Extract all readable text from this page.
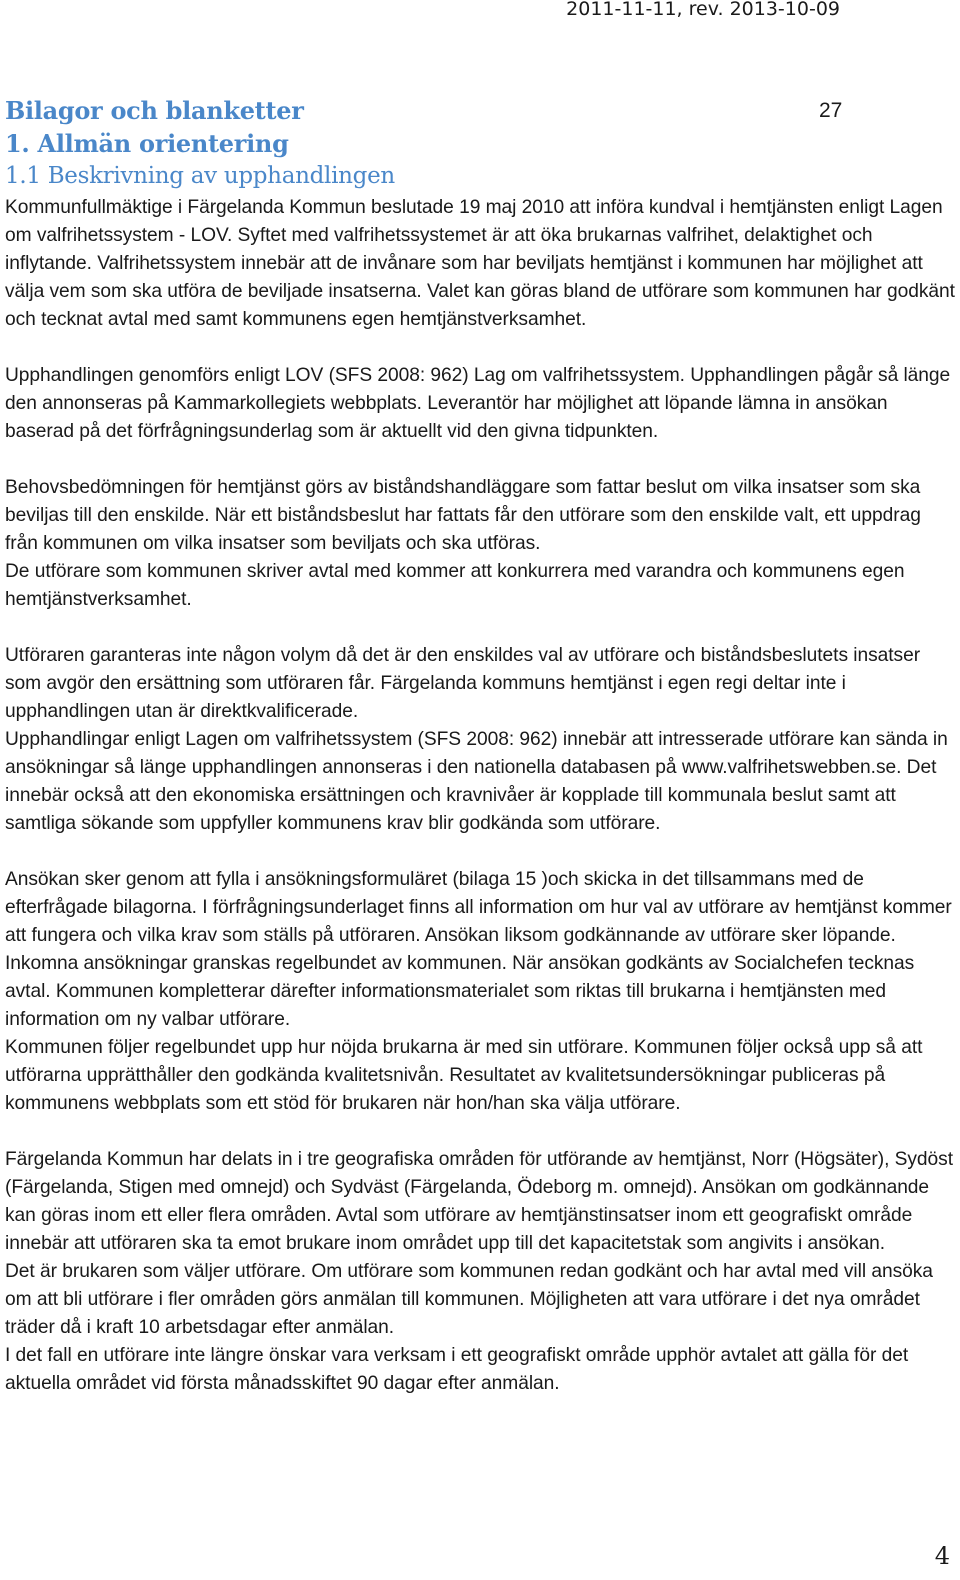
2011-11-11, rev. 2013-10-09
Bilagor och blanketter	27
1. Allmän orientering
1.1 Beskrivning av upphandlingen

Kommunfullmäktige i Färgelanda Kommun beslutade 19 maj 2010 att införa kundval i hemtjänsten enligt Lagen om valfrihetssystem - LOV. Syftet med valfrihetssystemet är att öka brukarnas valfrihet, delaktighet och inflytande. Valfrihetssystem innebär att de invånare som har beviljats hemtjänst i kommunen har möjlighet att välja vem som ska utföra de beviljade insatserna. Valet kan göras bland de utförare som kommunen har godkänt och tecknat avtal med samt kommunens egen hemtjänstverksamhet.

Upphandlingen genomförs enligt LOV (SFS 2008: 962) Lag om valfrihetssystem. Upphandlingen pågår så länge den annonseras på Kammarkollegiets webbplats. Leverantör har möjlighet att löpande lämna in ansökan baserad på det förfrågningsunderlag som är aktuellt vid den givna tidpunkten.

Behovsbedömningen för hemtjänst görs av biståndshandläggare som fattar beslut om vilka insatser som ska beviljas till den enskilde. När ett biståndsbeslut har fattats får den utförare som den enskilde valt, ett uppdrag från kommunen om vilka insatser som beviljats och ska utföras.

De utförare som kommunen skriver avtal med kommer att konkurrera med varandra och kommunens egen hemtjänstverksamhet.

Utföraren garanteras inte någon volym då det är den enskildes val av utförare och biståndsbeslutets insatser som avgör den ersättning som utföraren får. Färgelanda kommuns hemtjänst i egen regi deltar inte i upphandlingen utan är direktkvalificerade.

Upphandlingar enligt Lagen om valfrihetssystem (SFS 2008: 962) innebär att intresserade utförare kan sända in ansökningar så länge upphandlingen annonseras i den nationella databasen på www.valfrihetswebben.se. Det innebär också att den ekonomiska ersättningen och kravnivåer är kopplade till kommunala beslut samt att samtliga sökande som uppfyller kommunens krav blir godkända som utförare.

Ansökan sker genom att fylla i ansökningsformuläret (bilaga 15 )och skicka in det tillsammans med de efterfrågade bilagorna. I förfrågningsunderlaget finns all information om hur val av utförare av hemtjänst kommer att fungera och vilka krav som ställs på utföraren. Ansökan liksom godkännande av utförare sker löpande. Inkomna ansökningar granskas regelbundet av kommunen. När ansökan godkänts av Socialchefen tecknas avtal. Kommunen kompletterar därefter informationsmaterialet som riktas till brukarna i hemtjänsten med information om ny valbar utförare.

Kommunen följer regelbundet upp hur nöjda brukarna är med sin utförare. Kommunen följer också upp så att utförarna upprätthåller den godkända kvalitetsnivån. Resultatet av kvalitetsundersökningar publiceras på kommunens webbplats som ett stöd för brukaren när hon/han ska välja utförare.

Färgelanda Kommun har delats in i tre geografiska områden för utförande av hemtjänst, Norr (Högsäter), Sydöst (Färgelanda, Stigen med omnejd) och Sydväst (Färgelanda, Ödeborg m. omnejd). Ansökan om godkännande kan göras inom ett eller flera områden. Avtal som utförare av hemtjänstinsatser inom ett geografiskt område innebär att utföraren ska ta emot brukare inom området upp till det kapacitetstak som angivits i ansökan.

Det är brukaren som väljer utförare. Om utförare som kommunen redan godkänt och har avtal med vill ansöka om att bli utförare i fler områden görs anmälan till kommunen. Möjligheten att vara utförare i det nya området träder då i kraft 10 arbetsdagar efter anmälan.

I det fall en utförare inte längre önskar vara verksam i ett geografiskt område upphör avtalet att gälla för det aktuella området vid första månadsskiftet 90 dagar efter anmälan.

4
